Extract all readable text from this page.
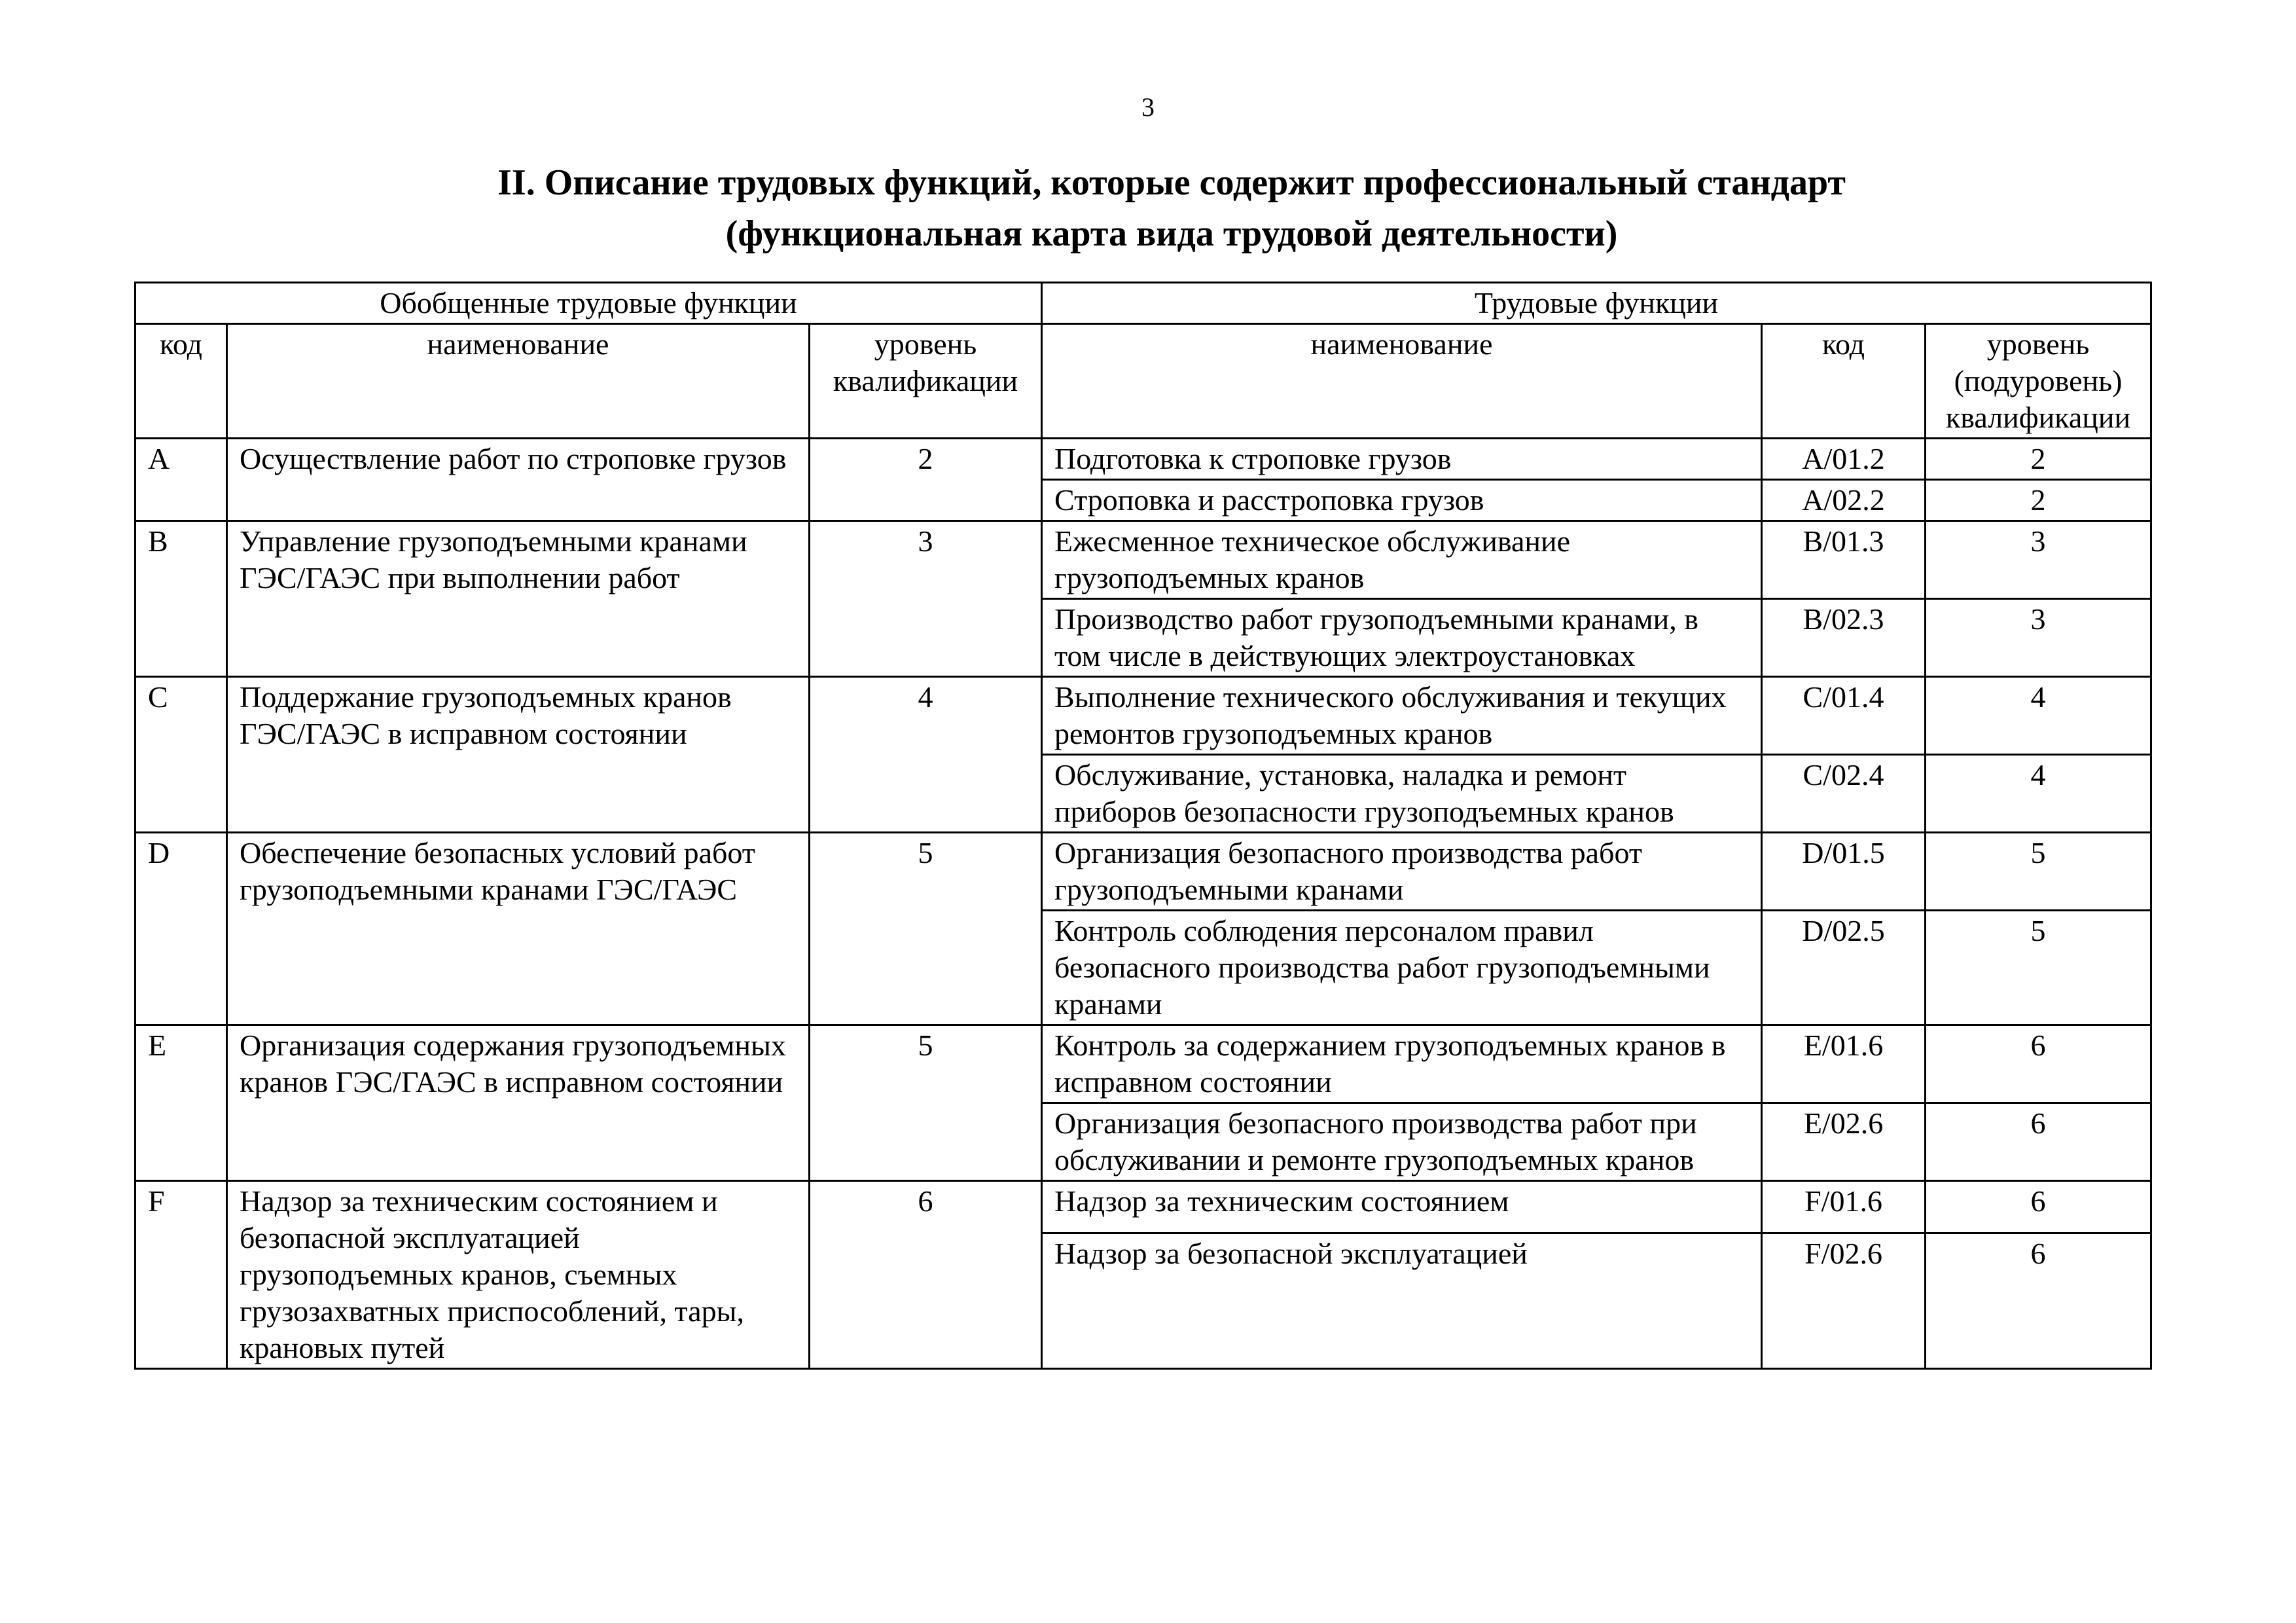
3
II. Описание трудовых функций, которые содержит профессиональный стандарт
(функциональная карта вида трудовой деятельности)
Обобщенные трудовые функции			Трудовые функции		
код	наименование	уровень квалификации	наименование	код	уровень (подуровень) квалификации
A	Осуществление работ по строповке грузов	2	Подготовка к строповке грузов	A/01.2	2
			Строповка и расстроповка грузов	A/02.2	2
B	Управление грузоподъемными кранами ГЭС/ГАЭС при выполнении работ	3	Ежесменное техническое обслуживание грузоподъемных кранов	B/01.3	3
			Производство работ грузоподъемными кранами, в том числе в действующих электроустановках	B/02.3	3
C	Поддержание грузоподъемных кранов ГЭС/ГАЭС в исправном состоянии	4	Выполнение технического обслуживания и текущих ремонтов грузоподъемных кранов	C/01.4	4
			Обслуживание, установка, наладка и ремонт приборов безопасности грузоподъемных кранов	C/02.4	4
D	Обеспечение безопасных условий работ грузоподъемными кранами ГЭС/ГАЭС	5	Организация безопасного производства работ грузоподъемными кранами	D/01.5	5
			Контроль соблюдения персоналом правил безопасного производства работ грузоподъемными кранами	D/02.5	5
E	Организация содержания грузоподъемных кранов ГЭС/ГАЭС в исправном состоянии	5	Контроль за содержанием грузоподъемных кранов в исправном состоянии	E/01.6	6
			Организация безопасного производства работ при обслуживании и ремонте грузоподъемных кранов	E/02.6	6
F	Надзор за техническим состоянием и безопасной эксплуатацией грузоподъемных кранов, съемных грузозахватных приспособлений, тары, крановых путей	6	Надзор за техническим состоянием	F/01.6	6
			Надзор за безопасной эксплуатацией	F/02.6	6
